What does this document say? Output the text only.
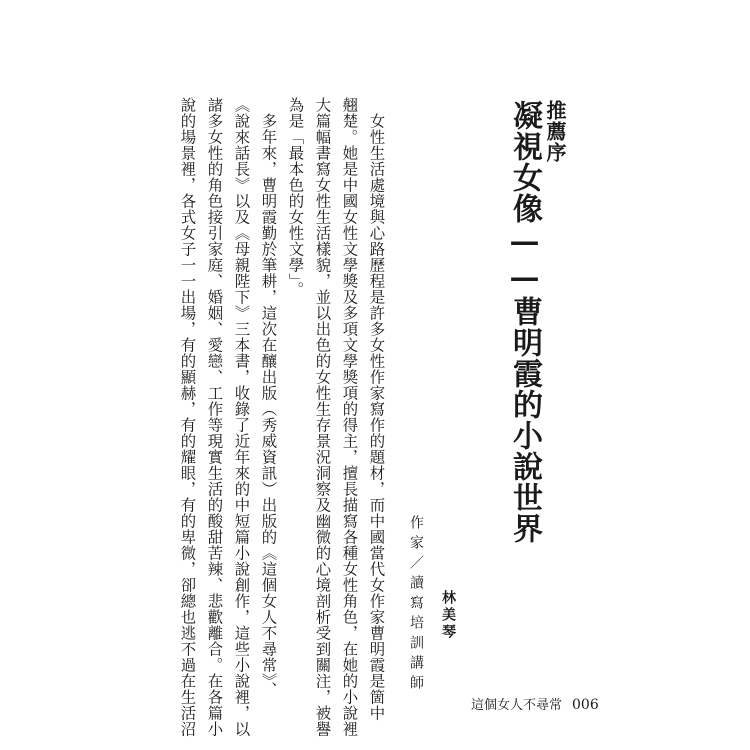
推薦序
凝視女像——曹明霞的小說世界
作家／讀寫培訓講師 林美琴
　女性生活處境與心路歷程是許多女性作家寫作的題材，而中國當代女作家曹明霞是箇中
翹楚。她是中國女性文學獎及多項文學獎項的得主，擅長描寫各種女性角色，在她的小說裡
大篇幅書寫女性生活樣貌，並以出色的女性生存景況洞察及幽微的心境剖析受到關注，被譽
為是「最本色的女性文學」。
　多年來，曹明霞勤於筆耕，這次在釀出版（秀威資訊）出版的《這個女人不尋常》、
《說來話長》以及《母親陛下》三本書，收錄了近年來的中短篇小說創作，這些小說裡，以
諸多女性的角色接引家庭、婚姻、愛戀、工作等現實生活的酸甜苦辣、悲歡離合。在各篇小
說的場景裡，各式女子一一出場，有的顯赫，有的耀眼，有的卑微，卻總也逃不過在生活沼	這個女人不尋常 006
